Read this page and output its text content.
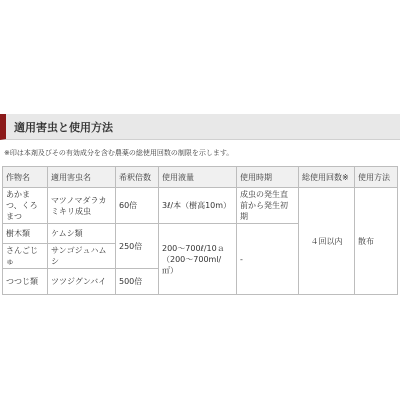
適用害虫と使用方法
※印は本剤及びその有効成分を含む農薬の総使用回数の制限を示します。
作物名	適用害虫名	希釈倍数	使用液量	使用時期	総使用回数※	使用方法
あかまつ、くろまつ	マツノマダラカミキリ成虫	60倍	3ℓ/本（樹高10m）	成虫の発生直前から発生初期	４回以内	散布
樹木類	ケムシ類	250倍	200〜700ℓ/10ａ（200〜700ml/㎡）	-		
さんごじゅ	サンゴジュハムシ					
つつじ類	ツツジグンバイ	500倍				
